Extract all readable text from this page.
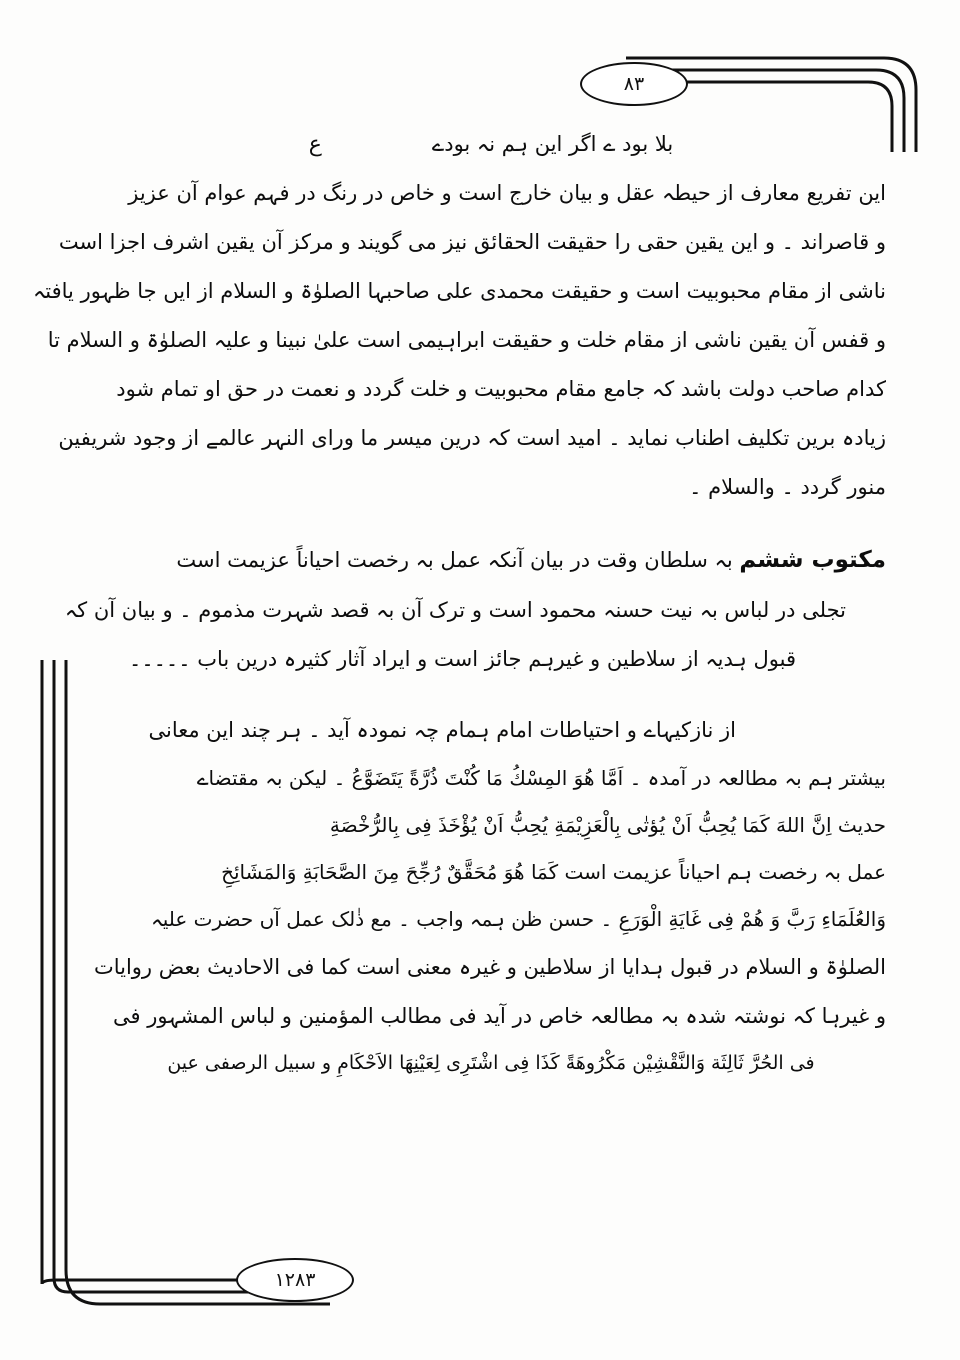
۸۳
۱۲۸۳
ع	بلا بود ے اگر این ہم نہ بودے

این تفریع معارف از حیطہ عقل و بیان خارج است و خاص در رنگ در فہم عوام آن عزیز

و قاصراند ۔ و این یقین حقی را حقیقت الحقائق نیز می گویند و مرکز آن یقین اشرف اجزا است

ناشی از مقام محبوبیت است و حقیقت محمدی علی صاحبہا الصلوٰۃ و السلام از ایں جا ظہور یافتہ

و قفس آن یقین ناشی از مقام خلت و حقیقت ابراہیمی است علیٰ نبینا و علیہ الصلوٰۃ و السلام تا

کدام صاحب دولت باشد کہ جامع مقام محبوبیت و خلت گردد و نعمت در حق او تمام شود

زیادہ برین تکلیف اطناب نماید ۔ امید است کہ درین میسر ما ورای النہر عالمے از وجود شریفین

منور گردد ۔ والسلام ۔

مکتوب ششم بہ سلطان وقت در بیان آنکہ عمل بہ رخصت احیاناً عزیمت است

تجلی در لباس بہ نیت حسنہ محمود است و ترک آن بہ قصد شہرت مذموم ۔ و بیان آن کہ

قبول ہدیہ از سلاطین و غیرہم جائز است و ایراد آثار کثیرہ درین باب ۔۔۔۔۔

از نازکیہاے و احتیاطات امام ہمام چہ نمودہ آید ۔ ہر چند این معانی

بیشتر ہم بہ مطالعہ در آمدہ ۔ اَمَّا ھُوَ المِسْكُ مَا كُنْتَ ذُرَّةً یَتَضَوَّعُ ۔ لیکن بہ مقتضاے

حدیث اِنَّ اللهَ كَمَا یُحِبُّ اَنْ یُؤتٰی بِالْعَزِیْمَةِ یُحِبُّ اَنْ یُؤْخَذَ فِی بِالرُّخْصَةِ

عمل بہ رخصت ہم احیاناً عزیمت است کَمَا ھُوَ مُحَقَّقٌ رُجِّحَ مِنَ الصَّحَابَةِ وَالمَشَائِخِ

وَالعُلَمَاءِ رَبَّ وَ هُمْ فِی غَایَةِ الْوَرَعِ ۔ حسن ظن ہمہ واجب ۔ مع ذٰلک عمل آں حضرت علیہ

الصلوٰۃ و السلام در قبول ہدایا از سلاطین و غیرہ معنی است کما فی الاحادیث بعض روایات

و غیرہا کہ نوشتہ شدہ بہ مطالعہ خاص در آید فی مطالب المؤمنین و لباس المشہور فی

فی الحُرَّ ثَالِثَة وَالنَّقْشِیْن مَكْرُوهَةً كَذَا فِی اشْتَرِی لِعَیْنِهَا الاَحْكَامِ و سبیل الرصفی عین
